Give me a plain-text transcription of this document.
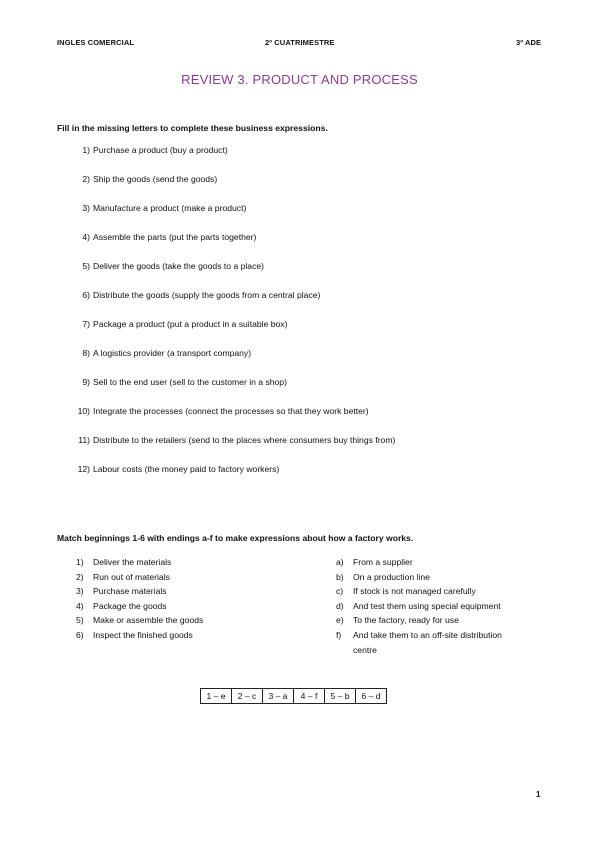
INGLES COMERCIAL	2º CUATRIMESTRE	3º ADE
REVIEW 3. PRODUCT AND PROCESS
Fill in the missing letters to complete these business expressions.
1) Purchase a product (buy a product)
2) Ship the goods (send the goods)
3) Manufacture a product (make a product)
4) Assemble the parts (put the parts together)
5) Deliver the goods (take the goods to a place)
6) Distribute the goods (supply the goods from a central place)
7) Package a product (put a product in a suitable box)
8) A logistics provider (a transport company)
9) Sell to the end user (sell to the customer in a shop)
10) Integrate the processes (connect the processes so that they work better)
11) Distribute to the retailers (send to the places where consumers buy things from)
12) Labour costs (the money paid to factory workers)
Match beginnings 1-6 with endings a-f to make expressions about how a factory works.
1) Deliver the materials
2) Run out of materials
3) Purchase materials
4) Package the goods
5) Make or assemble the goods
6) Inspect the finished goods
a) From a supplier
b) On a production line
c) If stock is not managed carefully
d) And test them using special equipment
e) To the factory, ready for use
f) And take them to an off-site distribution
centre
1 – e	2 – c	3 – a	4 – f	5 – b	6 – d
1
